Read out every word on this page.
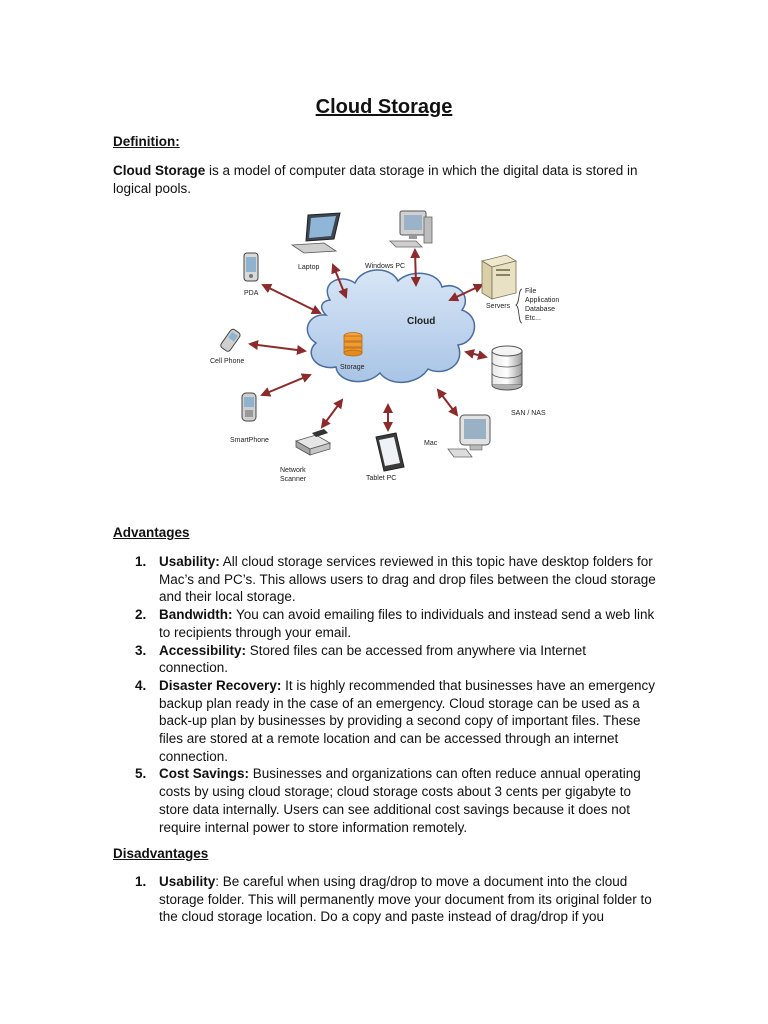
Cloud Storage
Definition:
Cloud Storage is a model of computer data storage in which the digital data is stored in logical pools.
Cloud
Storage
Laptop	Windows PC
PDA
Servers
File
Application
Database
Etc...
Cell Phone
SAN / NAS
SmartPhone	Mac
Network
Scanner	Tablet PC
Advantages
1. Usability: All cloud storage services reviewed in this topic have desktop folders for Mac’s and PC’s. This allows users to drag and drop files between the cloud storage and their local storage.
2. Bandwidth: You can avoid emailing files to individuals and instead send a web link to recipients through your email.
3. Accessibility: Stored files can be accessed from anywhere via Internet connection.
4. Disaster Recovery: It is highly recommended that businesses have an emergency backup plan ready in the case of an emergency. Cloud storage can be used as a back-up plan by businesses by providing a second copy of important files. These files are stored at a remote location and can be accessed through an internet connection.
5. Cost Savings: Businesses and organizations can often reduce annual operating costs by using cloud storage; cloud storage costs about 3 cents per gigabyte to store data internally. Users can see additional cost savings because it does not require internal power to store information remotely.
Disadvantages
1. Usability: Be careful when using drag/drop to move a document into the cloud storage folder. This will permanently move your document from its original folder to the cloud storage location. Do a copy and paste instead of drag/drop if you
